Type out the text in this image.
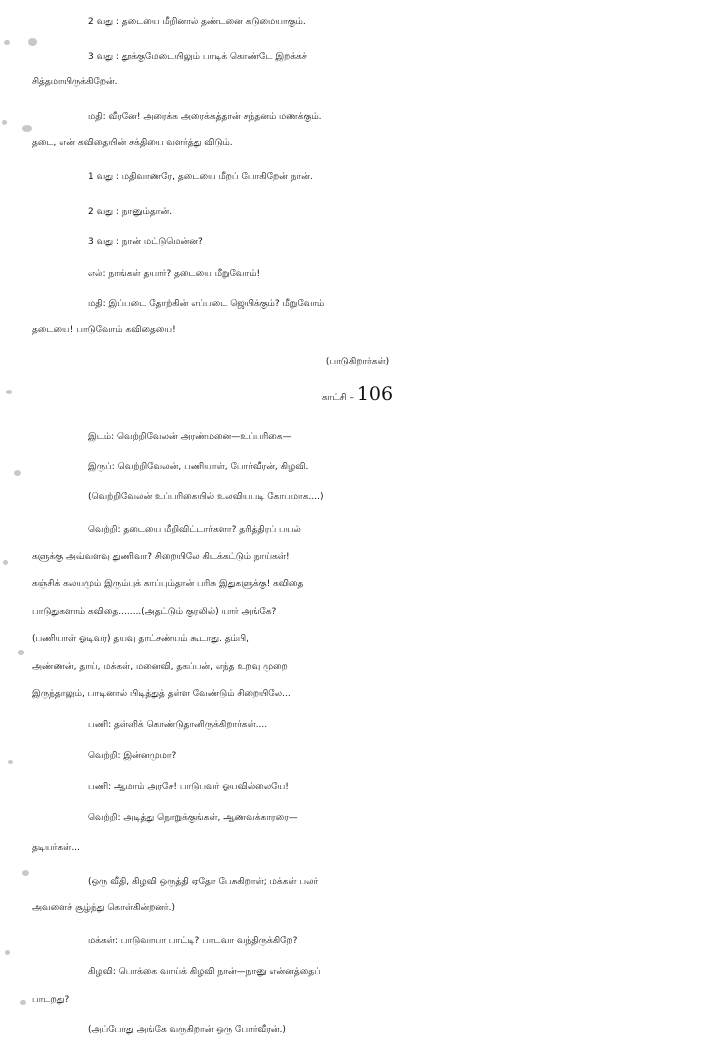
2 வது : தடையை மீறினால் தண்டனை கடுமையாகும்.
3 வது : தூக்குமேடையிலும் பாடிக் கொண்டே இறக்கச்
சித்தமாயிருக்கிறேன்.
மதி: வீரனே! அரைக்க அரைக்கத்தான் சந்தனம் மணக்கும்.
தடை, என் கவிதையின் சக்தியை வளர்த்து விடும்.
1 வது : மதிவாணரே, தடையை மீறப் போகிறேன் நான்.
2 வது : நானும்தான்.
3 வது : நான் மட்டுமென்ன?
எல்: நாங்கள் தயார்? தடையை மீறுவோம்!
மதி: இப்படை தோற்கின் எப்படை ஜெயிக்கும்? மீறுவோம்
தடையை! பாடுவோம் கவிதையை!
(பாடுகிறார்கள்)
காட்சி – 106
இடம்: வெற்றிவேலன் அரண்மனை—உப்பரிகை—
இருப்: வெற்றிவேலன், பணியாள், போர்வீரன், கிழவி.
(வெற்றிவேலன் உப்பரிகையில் உலவியபடி கோபமாக....)
வெற்றி: தடையை மீறிவிட்டார்களா? தரித்திரப் பயல்
களுக்கு அவ்வளவு துணிவா? சிறையிலே கிடக்கட்டும் நாய்கள்!
கஞ்சிக் கலயமும் இரும்புக் காப்பும்தான் பரிசு இதுகளுக்கு! கவிதை
பாடுதுகளாம் கவிதை........(அதட்டும் குரலில்) யார் அங்கே?
(பணியாள் ஓடிவர) தயவு தாட்சண்யம் கூடாது. தம்பி,
அண்ணன், தாய், மக்கள், மனைவி, தகப்பன், எந்த உறவு முறை
இருந்தாலும், பாடினால் பிடித்துத் தள்ள வேண்டும் சிறையிலே...
பணி: தள்ளிக் கொண்டுதானிருக்கிறார்கள்....
வெற்றி: இன்னமுமா?
பணி: ஆமாம் அரசே! பாடுபவர் ஓயவில்லையே!
வெற்றி: அடித்து நொறுக்குங்கள், ஆணவக்காரரை—
தடியர்கள்...
(ஒரு வீதி, கிழவி ஒருத்தி ஏதோ பேசுகிறாள்; மக்கள் பலர்
அவளைச் சூழ்ந்து கொள்கின்றனர்.)
மக்கள்: பாடுவாயா பாட்டி? பாடவா வந்திருக்கிறே?
கிழவி: பொக்கை வாய்க் கிழவி நான்—நானு என்னத்தைப்
பாடறது?
(அப்போது அங்கே வருகிறான் ஒரு போர்வீரன்.)
